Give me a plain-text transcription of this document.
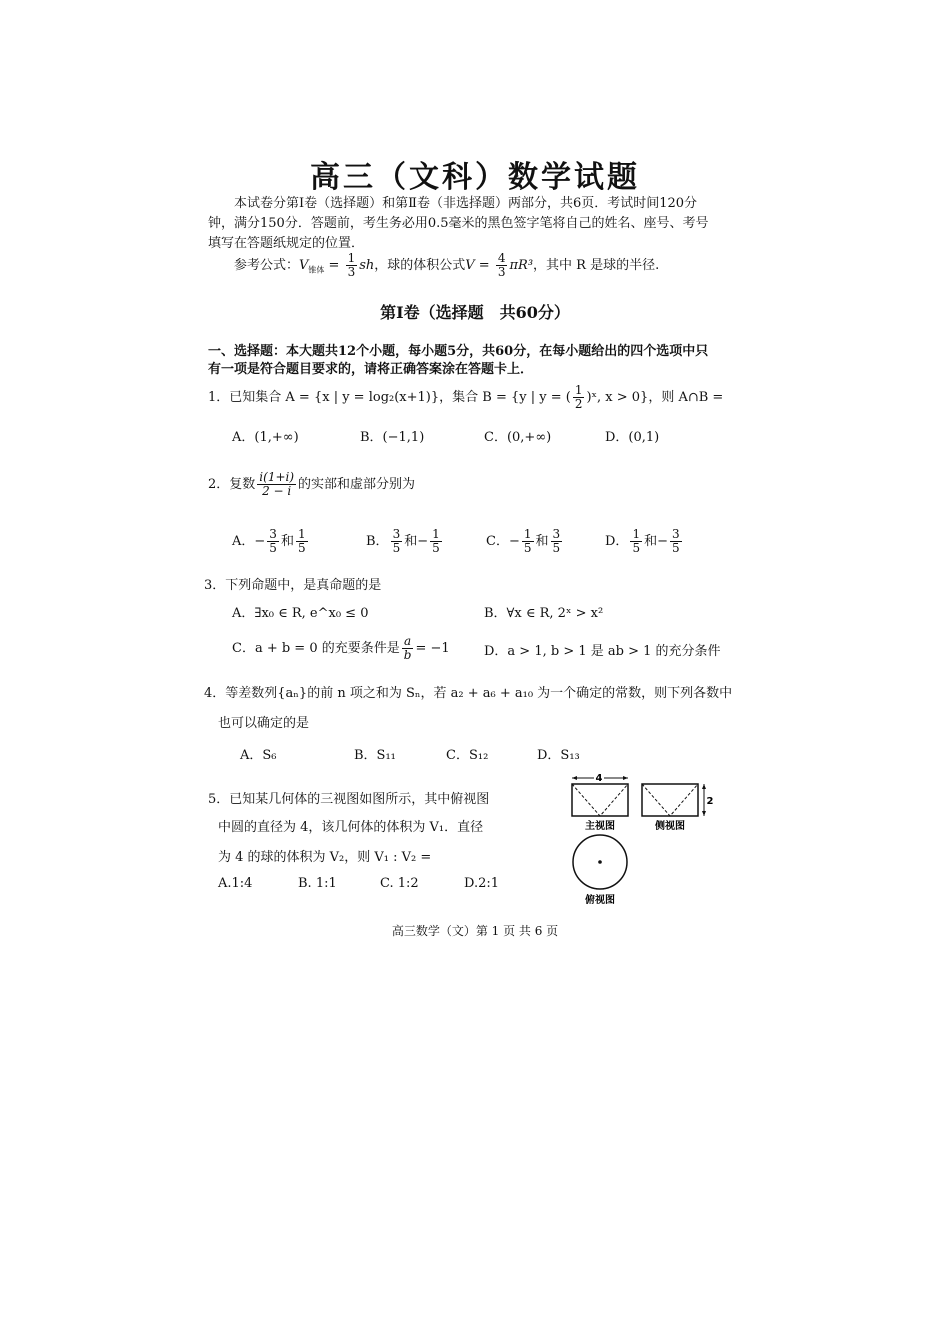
高三（文科）数学试题
本试卷分第Ⅰ卷（选择题）和第Ⅱ卷（非选择题）两部分，共6页．考试时间120分
钟，满分150分．答题前，考生务必用0.5毫米的黑色签字笔将自己的姓名、座号、考号
填写在答题纸规定的位置．
参考公式：$V_{锥体} = \frac{1}{3}$ sh，球的体积公式$V = \frac{4}{3} \pi R^3$，其中 R 是球的半径.
第Ⅰ卷（选择题　共60分）
一、选择题：本大题共12个小题，每小题5分，共60分，在每小题给出的四个选项中只
有一项是符合题目要求的，请将正确答案涂在答题卡上．
1．已知集合 A = {x | y = log₂(x+1)}，集合 B = {y | y = ( $\frac{1}{2}$ )ˣ, x > 0}，则 A∩B =
A．(1,+∞)	B．(−1,1)	C．(0,+∞)	D．(0,1)
2．复数 $\frac{i(1+i)}{2 - i}$ 的实部和虚部分别为
A．− $\frac{3}{5}$ 和 $\frac{1}{5}$	B． $\frac{3}{5}$ 和− $\frac{1}{5}$	C．− $\frac{1}{5}$ 和 $\frac{3}{5}$	D． $\frac{1}{5}$ 和− $\frac{3}{5}$
3．下列命题中，是真命题的是
A．∃x₀ ∈ R, e^x₀ ≤ 0	B．∀x ∈ R, 2ˣ > x²
C．a + b = 0 的充要条件是 $\frac{a}{b} = -1$	D．a > 1, b > 1 是 ab > 1 的充分条件
4．等差数列{aₙ}的前 n 项之和为 Sₙ，若 a₂ + a₆ + a₁₀ 为一个确定的常数，则下列各数中
也可以确定的是
A．S₆	B．S₁₁	C．S₁₂	D．S₁₃
5．已知某几何体的三视图如图所示，其中俯视图
中圆的直径为 4，该几何体的体积为 V₁．直径
为 4 的球的体积为 V₂，则 V₁ : V₂ =
A.1:4	B. 1:1	C. 1:2	D.2:1
4
主视图
2
侧视图
俯视图
高三数学（文）第 1 页 共 6 页
